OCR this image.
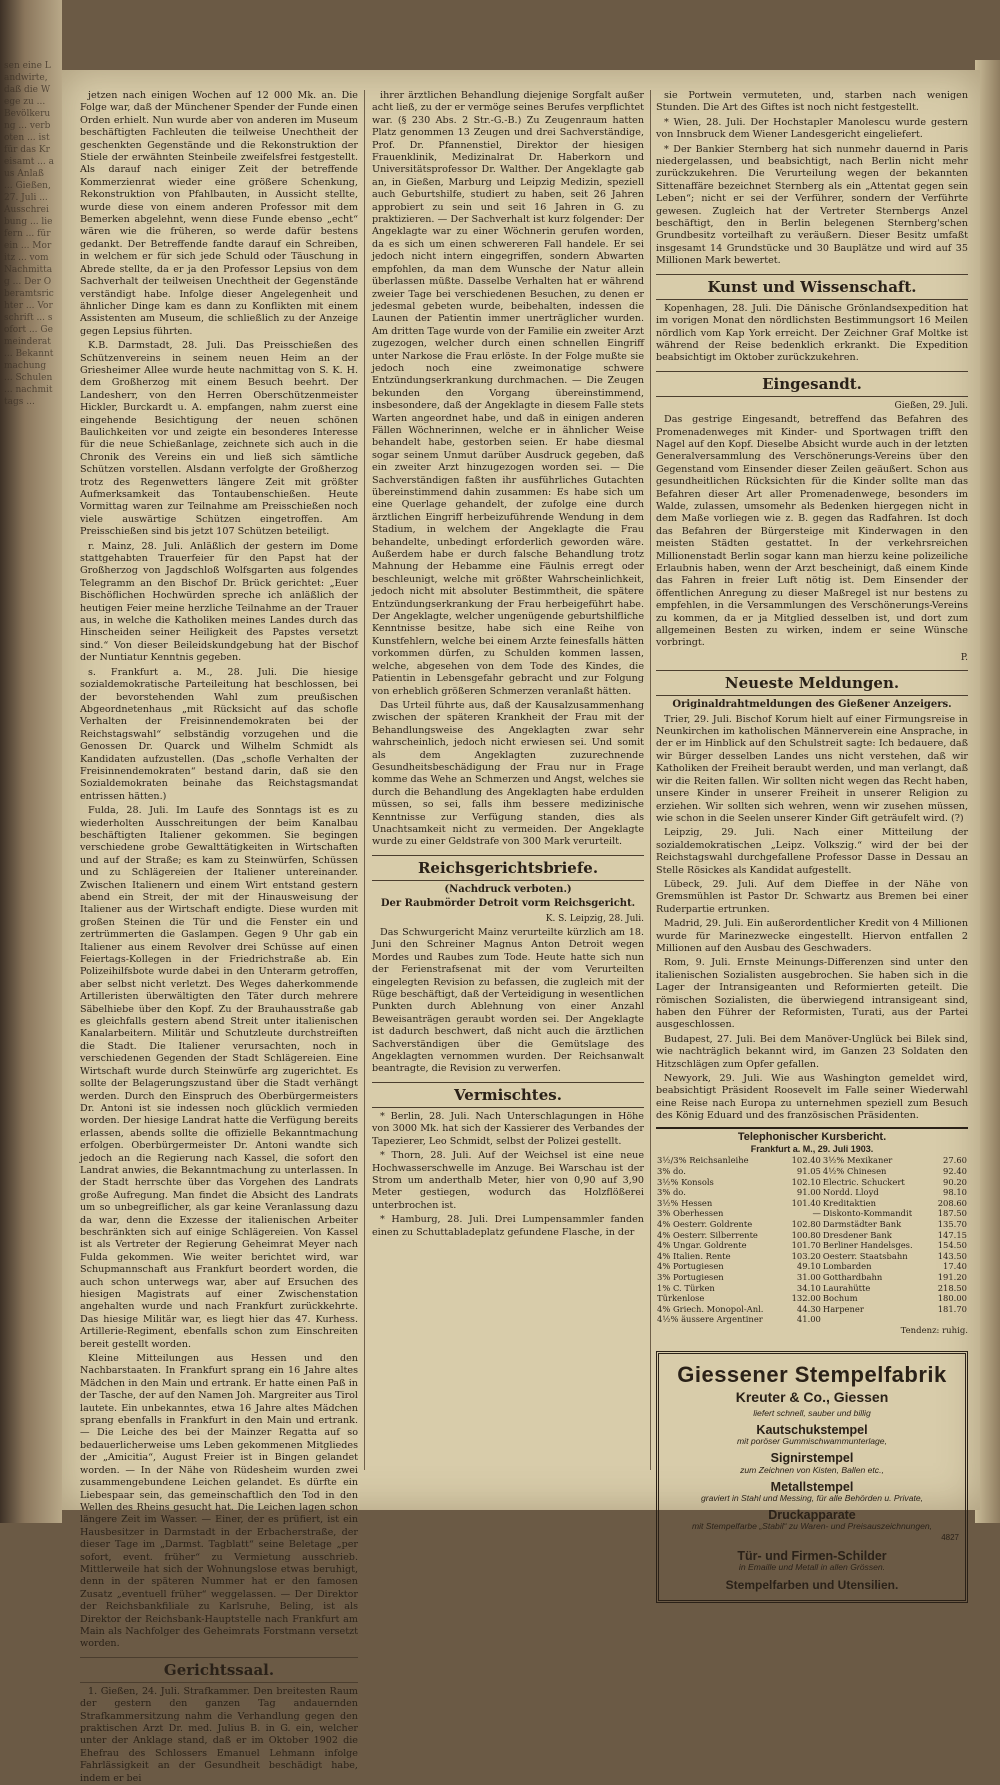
sen eine Landwirte, daß die Wege zu ... Bevölkerung ... verboten ... ist für das Kreisamt ... aus Anlaß ... Gießen, 27. Juli ... Ausschreibung ... liefern ... für ein ... Moritz ... vom Nachmittag ... Der Oberamtsrichter ... Vorschrift ... sofort ... Gemeinderat ... Bekanntmachung ... Schulen ... nachmittags ...

jetzen nach einigen Wochen auf 12 000 Mk. an. Die Folge war, daß der Münchener Spender der Funde einen Orden erhielt. Nun wurde aber von anderen im Museum beschäftigten Fachleuten die teilweise Unechtheit der geschenkten Gegenstände und die Rekonstruktion der Stiele der erwähnten Steinbeile zweifelsfrei festgestellt. Als darauf nach einiger Zeit der betreffende Kommerzienrat wieder eine größere Schenkung, Rekonstruktion von Pfahlbauten, in Aussicht stellte, wurde diese von einem anderen Professor mit dem Bemerken abgelehnt, wenn diese Funde ebenso „echt“ wären wie die früheren, so werde dafür bestens gedankt. Der Betreffende fandte darauf ein Schreiben, in welchem er für sich jede Schuld oder Täuschung in Abrede stellte, da er ja den Professor Lepsius von dem Sachverhalt der teilweisen Unechtheit der Gegenstände verständigt habe. Infolge dieser Angelegenheit und ähnlicher Dinge kam es dann zu Konflikten mit einem Assistenten am Museum, die schließlich zu der Anzeige gegen Lepsius führten.

K.B. Darmstadt, 28. Juli. Das Preisschießen des Schützenvereins in seinem neuen Heim an der Griesheimer Allee wurde heute nachmittag von S. K. H. dem Großherzog mit einem Besuch beehrt. Der Landesherr, von den Herren Oberschützenmeister Hickler, Burckardt u. A. empfangen, nahm zuerst eine eingehende Besichtigung der neuen schönen Baulichkeiten vor und zeigte ein besonderes Interesse für die neue Schießanlage, zeichnete sich auch in die Chronik des Vereins ein und ließ sich sämtliche Schützen vorstellen. Alsdann verfolgte der Großherzog trotz des Regenwetters längere Zeit mit größter Aufmerksamkeit das Tontaubenschießen. Heute Vormittag waren zur Teilnahme am Preisschießen noch viele auswärtige Schützen eingetroffen. Am Preisschießen sind bis jetzt 107 Schützen beteiligt.

r. Mainz, 28. Juli. Anläßlich der gestern im Dome stattgehabten Trauerfeier für den Papst hat der Großherzog von Jagdschloß Wolfsgarten aus folgendes Telegramm an den Bischof Dr. Brück gerichtet: „Euer Bischöflichen Hochwürden spreche ich anläßlich der heutigen Feier meine herzliche Teilnahme an der Trauer aus, in welche die Katholiken meines Landes durch das Hinscheiden seiner Heiligkeit des Papstes versetzt sind.“ Von dieser Beileidskundgebung hat der Bischof der Nuntiatur Kenntnis gegeben.

s. Frankfurt a. M., 28. Juli. Die hiesige sozialdemokratische Parteileitung hat beschlossen, bei der bevorstehenden Wahl zum preußischen Abgeordnetenhaus „mit Rücksicht auf das schofle Verhalten der Freisinnendemokraten bei der Reichstagswahl“ selbständig vorzugehen und die Genossen Dr. Quarck und Wilhelm Schmidt als Kandidaten aufzustellen. (Das „schofle Verhalten der Freisinnendemokraten“ bestand darin, daß sie den Sozialdemokraten beinahe das Reichstagsmandat entrissen hätten.)

Fulda, 28. Juli. Im Laufe des Sonntags ist es zu wiederholten Ausschreitungen der beim Kanalbau beschäftigten Italiener gekommen. Sie begingen verschiedene grobe Gewalttätigkeiten in Wirtschaften und auf der Straße; es kam zu Steinwürfen, Schüssen und zu Schlägereien der Italiener untereinander. Zwischen Italienern und einem Wirt entstand gestern abend ein Streit, der mit der Hinausweisung der Italiener aus der Wirtschaft endigte. Diese wurden mit großen Steinen die Tür und die Fenster ein und zertrümmerten die Gaslampen. Gegen 9 Uhr gab ein Italiener aus einem Revolver drei Schüsse auf einen Feiertags-Kollegen in der Friedrichstraße ab. Ein Polizeihilfsbote wurde dabei in den Unterarm getroffen, aber selbst nicht verletzt. Des Weges daherkommende Artilleristen überwältigten den Täter durch mehrere Säbelhiebe über den Kopf. Zu der Brauhausstraße gab es gleichfalls gestern abend Streit unter italienischen Kanalarbeitern. Militär und Schutzleute durchstreiften die Stadt. Die Italiener verursachten, noch in verschiedenen Gegenden der Stadt Schlägereien. Eine Wirtschaft wurde durch Steinwürfe arg zugerichtet. Es sollte der Belagerungszustand über die Stadt verhängt werden. Durch den Einspruch des Oberbürgermeisters Dr. Antoni ist sie indessen noch glücklich vermieden worden. Der hiesige Landrat hatte die Verfügung bereits erlassen, abends sollte die offizielle Bekanntmachung erfolgen. Oberbürgermeister Dr. Antoni wandte sich jedoch an die Regierung nach Kassel, die sofort den Landrat anwies, die Bekanntmachung zu unterlassen. In der Stadt herrschte über das Vorgehen des Landrats große Aufregung. Man findet die Absicht des Landrats um so unbegreiflicher, als gar keine Veranlassung dazu da war, denn die Exzesse der italienischen Arbeiter beschränkten sich auf einige Schlägereien. Von Kassel ist als Vertreter der Regierung Geheimrat Meyer nach Fulda gekommen. Wie weiter berichtet wird, war Schupmannschaft aus Frankfurt beordert worden, die auch schon unterwegs war, aber auf Ersuchen des hiesigen Magistrats auf einer Zwischenstation angehalten wurde und nach Frankfurt zurückkehrte. Das hiesige Militär war, es liegt hier das 47. Kurhess. Artillerie-Regiment, ebenfalls schon zum Einschreiten bereit gestellt worden.

Kleine Mitteilungen aus Hessen und den Nachbarstaaten. In Frankfurt sprang ein 16 Jahre altes Mädchen in den Main und ertrank. Er hatte einen Paß in der Tasche, der auf den Namen Joh. Margreiter aus Tirol lautete. Ein unbekanntes, etwa 16 Jahre altes Mädchen sprang ebenfalls in Frankfurt in den Main und ertrank. — Die Leiche des bei der Mainzer Regatta auf so bedauerlicherweise ums Leben gekommenen Mitgliedes der „Amicitia“, August Freier ist in Bingen gelandet worden. — In der Nähe von Rüdesheim wurden zwei zusammengebundene Leichen gelandet. Es dürfte ein Liebespaar sein, das gemeinschaftlich den Tod in den Wellen des Rheins gesucht hat. Die Leichen lagen schon längere Zeit im Wasser. — Einer, der es prüfiert, ist ein Hausbesitzer in Darmstadt in der Erbacherstraße, der dieser Tage im „Darmst. Tagblatt“ seine Beletage „per sofort, event. früher“ zu Vermietung ausschrieb. Mittlerweile hat sich der Wohnungslose etwas beruhigt, denn in der späteren Nummer hat er den famosen Zusatz „eventuell früher“ weggelassen. — Der Direktor der Reichsbankfiliale zu Karlsruhe, Beling, ist als Direktor der Reichsbank-Hauptstelle nach Frankfurt am Main als Nachfolger des Geheimrats Forstmann versetzt worden.

Gerichtssaal.

1. Gießen, 24. Juli. Strafkammer. Den breitesten Raum der gestern den ganzen Tag andauernden Strafkammersitzung nahm die Verhandlung gegen den praktischen Arzt Dr. med. Julius B. in G. ein, welcher unter der Anklage stand, daß er im Oktober 1902 die Ehefrau des Schlossers Emanuel Lehmann infolge Fahrlässigkeit an der Gesundheit beschädigt habe, indem er bei

ihrer ärztlichen Behandlung diejenige Sorgfalt außer acht ließ, zu der er vermöge seines Berufes verpflichtet war. (§ 230 Abs. 2 Str.-G.-B.) Zu Zeugenraum hatten Platz genommen 13 Zeugen und drei Sachverständige, Prof. Dr. Pfannenstiel, Direktor der hiesigen Frauenklinik, Medizinalrat Dr. Haberkorn und Universitätsprofessor Dr. Walther. Der Angeklagte gab an, in Gießen, Marburg und Leipzig Medizin, speziell auch Geburtshilfe, studiert zu haben, seit 26 Jahren approbiert zu sein und seit 16 Jahren in G. zu praktizieren. — Der Sachverhalt ist kurz folgender: Der Angeklagte war zu einer Wöchnerin gerufen worden, da es sich um einen schwereren Fall handele. Er sei jedoch nicht intern eingegriffen, sondern Abwarten empfohlen, da man dem Wunsche der Natur allein überlassen müßte. Dasselbe Verhalten hat er während zweier Tage bei verschiedenen Besuchen, zu denen er jedesmal gebeten wurde, beibehalten, indessen die Launen der Patientin immer unerträglicher wurden. Am dritten Tage wurde von der Familie ein zweiter Arzt zugezogen, welcher durch einen schnellen Eingriff unter Narkose die Frau erlöste. In der Folge mußte sie jedoch noch eine zweimonatige schwere Entzündungserkrankung durchmachen. — Die Zeugen bekunden den Vorgang übereinstimmend, insbesondere, daß der Angeklagte in diesem Falle stets Warten angeordnet habe, und daß in einigen anderen Fällen Wöchnerinnen, welche er in ähnlicher Weise behandelt habe, gestorben seien. Er habe diesmal sogar seinem Unmut darüber Ausdruck gegeben, daß ein zweiter Arzt hinzugezogen worden sei. — Die Sachverständigen faßten ihr ausführliches Gutachten übereinstimmend dahin zusammen: Es habe sich um eine Querlage gehandelt, der zufolge eine durch ärztlichen Eingriff herbeizuführende Wendung in dem Stadium, in welchem der Angeklagte die Frau behandelte, unbedingt erforderlich geworden wäre. Außerdem habe er durch falsche Behandlung trotz Mahnung der Hebamme eine Fäulnis erregt oder beschleunigt, welche mit größter Wahrscheinlichkeit, jedoch nicht mit absoluter Bestimmtheit, die spätere Entzündungserkrankung der Frau herbeigeführt habe. Der Angeklagte, welcher ungenügende geburtshilfliche Kenntnisse besitze, habe sich eine Reihe von Kunstfehlern, welche bei einem Arzte feinesfalls hätten vorkommen dürfen, zu Schulden kommen lassen, welche, abgesehen von dem Tode des Kindes, die Patientin in Lebensgefahr gebracht und zur Folgung von erheblich größeren Schmerzen veranlaßt hätten.

Das Urteil führte aus, daß der Kausalzusammenhang zwischen der späteren Krankheit der Frau mit der Behandlungsweise des Angeklagten zwar sehr wahrscheinlich, jedoch nicht erwiesen sei. Und somit als dem Angeklagten zuzurechnende Gesundheitsbeschädigung der Frau nur in Frage komme das Wehe an Schmerzen und Angst, welches sie durch die Behandlung des Angeklagten habe erdulden müssen, so sei, falls ihm bessere medizinische Kenntnisse zur Verfügung standen, dies als Unachtsamkeit nicht zu vermeiden. Der Angeklagte wurde zu einer Geldstrafe von 300 Mark verurteilt.

Reichsgerichtsbriefe.
(Nachdruck verboten.)
Der Raubmörder Detroit vorm Reichsgericht.
K. S. Leipzig, 28. Juli.

Das Schwurgericht Mainz verurteilte kürzlich am 18. Juni den Schreiner Magnus Anton Detroit wegen Mordes und Raubes zum Tode. Heute hatte sich nun der Ferienstrafsenat mit der vom Verurteilten eingelegten Revision zu befassen, die zugleich mit der Rüge beschäftigt, daß der Verteidigung in wesentlichen Punkten durch Ablehnung von einer Anzahl Beweisanträgen geraubt worden sei. Der Angeklagte ist dadurch beschwert, daß nicht auch die ärztlichen Sachverständigen über die Gemütslage des Angeklagten vernommen wurden. Der Reichsanwalt beantragte, die Revision zu verwerfen.

Vermischtes.

* Berlin, 28. Juli. Nach Unterschlagungen in Höhe von 3000 Mk. hat sich der Kassierer des Verbandes der Tapezierer, Leo Schmidt, selbst der Polizei gestellt.

* Thorn, 28. Juli. Auf der Weichsel ist eine neue Hochwasserschwelle im Anzuge. Bei Warschau ist der Strom um anderthalb Meter, hier von 0,90 auf 3,90 Meter gestiegen, wodurch das Holzflößerei unterbrochen ist.

* Hamburg, 28. Juli. Drei Lumpensammler fanden einen zu Schuttabladeplatz gefundene Flasche, in der

sie Portwein vermuteten, und, starben nach wenigen Stunden. Die Art des Giftes ist noch nicht festgestellt.

* Wien, 28. Juli. Der Hochstapler Manolescu wurde gestern von Innsbruck dem Wiener Landesgericht eingeliefert.

* Der Bankier Sternberg hat sich nunmehr dauernd in Paris niedergelassen, und beabsichtigt, nach Berlin nicht mehr zurückzukehren. Die Verurteilung wegen der bekannten Sittenaffäre bezeichnet Sternberg als ein „Attentat gegen sein Leben“; nicht er sei der Verführer, sondern der Verführte gewesen. Zugleich hat der Vertreter Sternbergs Anzel beschäftigt, den in Berlin belegenen Sternberg'schen Grundbesitz vorteilhaft zu veräußern. Dieser Besitz umfaßt insgesamt 14 Grundstücke und 30 Bauplätze und wird auf 35 Millionen Mark bewertet.

Kunst und Wissenschaft.

Kopenhagen, 28. Juli. Die Dänische Grönlandsexpedition hat im vorigen Monat den nördlichsten Bestimmungsort 16 Meilen nördlich vom Kap York erreicht. Der Zeichner Graf Moltke ist während der Reise bedenklich erkrankt. Die Expedition beabsichtigt im Oktober zurückzukehren.

Eingesandt.
Gießen, 29. Juli.

Das gestrige Eingesandt, betreffend das Befahren des Promenadenweges mit Kinder- und Sportwagen trifft den Nagel auf den Kopf. Dieselbe Absicht wurde auch in der letzten Generalversammlung des Verschönerungs-Vereins über den Gegenstand vom Einsender dieser Zeilen geäußert. Schon aus gesundheitlichen Rücksichten für die Kinder sollte man das Befahren dieser Art aller Promenadenwege, besonders im Walde, zulassen, umsomehr als Bedenken hiergegen nicht in dem Maße vorliegen wie z. B. gegen das Radfahren. Ist doch das Befahren der Bürgersteige mit Kinderwagen in den meisten Städten gestattet. In der verkehrsreichen Millionenstadt Berlin sogar kann man hierzu keine polizeiliche Erlaubnis haben, wenn der Arzt bescheinigt, daß einem Kinde das Fahren in freier Luft nötig ist. Dem Einsender der öffentlichen Anregung zu dieser Maßregel ist nur bestens zu empfehlen, in die Versammlungen des Verschönerungs-Vereins zu kommen, da er ja Mitglied desselben ist, und dort zum allgemeinen Besten zu wirken, indem er seine Wünsche vorbringt.

P.
Neueste Meldungen.
Originaldrahtmeldungen des Gießener Anzeigers.

Trier, 29. Juli. Bischof Korum hielt auf einer Firmungsreise in Neunkirchen im katholischen Männerverein eine Ansprache, in der er im Hinblick auf den Schulstreit sagte: Ich bedauere, daß wir Bürger desselben Landes uns nicht verstehen, daß wir Katholiken der Freiheit beraubt werden, und man verlangt, daß wir die Reiten fallen. Wir sollten nicht wegen das Recht haben, unsere Kinder in unserer Freiheit in unserer Religion zu erziehen. Wir sollten sich wehren, wenn wir zusehen müssen, wie schon in die Seelen unserer Kinder Gift geträufelt wird. (?)

Leipzig, 29. Juli. Nach einer Mitteilung der sozialdemokratischen „Leipz. Volkszig.“ wird der bei der Reichstagswahl durchgefallene Professor Dasse in Dessau an Stelle Rösickes als Kandidat aufgestellt.

Lübeck, 29. Juli. Auf dem Dieffee in der Nähe von Gremsmühlen ist Pastor Dr. Schwartz aus Bremen bei einer Ruderpartie ertrunken.

Madrid, 29. Juli. Ein außerordentlicher Kredit von 4 Millionen wurde für Marinezwecke eingestellt. Hiervon entfallen 2 Millionen auf den Ausbau des Geschwaders.

Rom, 9. Juli. Ernste Meinungs-Differenzen sind unter den italienischen Sozialisten ausgebrochen. Sie haben sich in die Lager der Intransigeanten und Reformierten geteilt. Die römischen Sozialisten, die überwiegend intransigeant sind, haben den Führer der Reformisten, Turati, aus der Partei ausgeschlossen.

Budapest, 27. Juli. Bei dem Manöver-Unglück bei Bilek sind, wie nachträglich bekannt wird, im Ganzen 23 Soldaten den Hitzschlägen zum Opfer gefallen.

Newyork, 29. Juli. Wie aus Washington gemeldet wird, beabsichtigt Präsident Roosevelt im Falle seiner Wiederwahl eine Reise nach Europa zu unternehmen speziell zum Besuch des König Eduard und des französischen Präsidenten.

Telephonischer Kursbericht.
Frankfurt a. M., 29. Juli 1903.
3½/3% Reichsanleihe	102.40	3½% Mexikaner	27.60
3% do.	91.05	4½% Chinesen	92.40
3½% Konsols	102.10	Electric. Schuckert	90.20
3% do.	91.00	Nordd. Lloyd	98.10
3½% Hessen	101.40	Kreditaktien	208.60
3% Oberhessen	—	Diskonto-Kommandit	187.50
4% Oesterr. Goldrente	102.80	Darmstädter Bank	135.70
4% Oesterr. Silberrente	100.80	Dresdener Bank	147.15
4% Ungar. Goldrente	101.70	Berliner Handelsges.	154.50
4% Italien. Rente	103.20	Oesterr. Staatsbahn	143.50
4% Portugiesen	49.10	Lombarden	17.40
3% Portugiesen	31.00	Gotthardbahn	191.20
1% C. Türken	34.10	Laurahütte	218.50
Türkenlose	132.00	Bochum	180.00
4% Griech. Monopol-Anl.	44.30	Harpener	181.70
4½% äussere Argentiner	41.00		
Tendenz: ruhig.
Giessener Stempelfabrik
Kreuter & Co., Giessen
liefert schnell, sauber und billig
Kautschukstempel
mit poröser Gummischwammunterlage,
Signirstempel
zum Zeichnen von Kisten, Ballen etc.,
Metallstempel
graviert in Stahl und Messing, für alle Behörden u. Private,
Druckapparate
mit Stempelfarbe „Stabil“ zu Waren- und Preisauszeichnungen,
4827
Tür- und Firmen-Schilder
in Emaille und Metall in allen Grössen.
Stempelfarben und Utensilien.
